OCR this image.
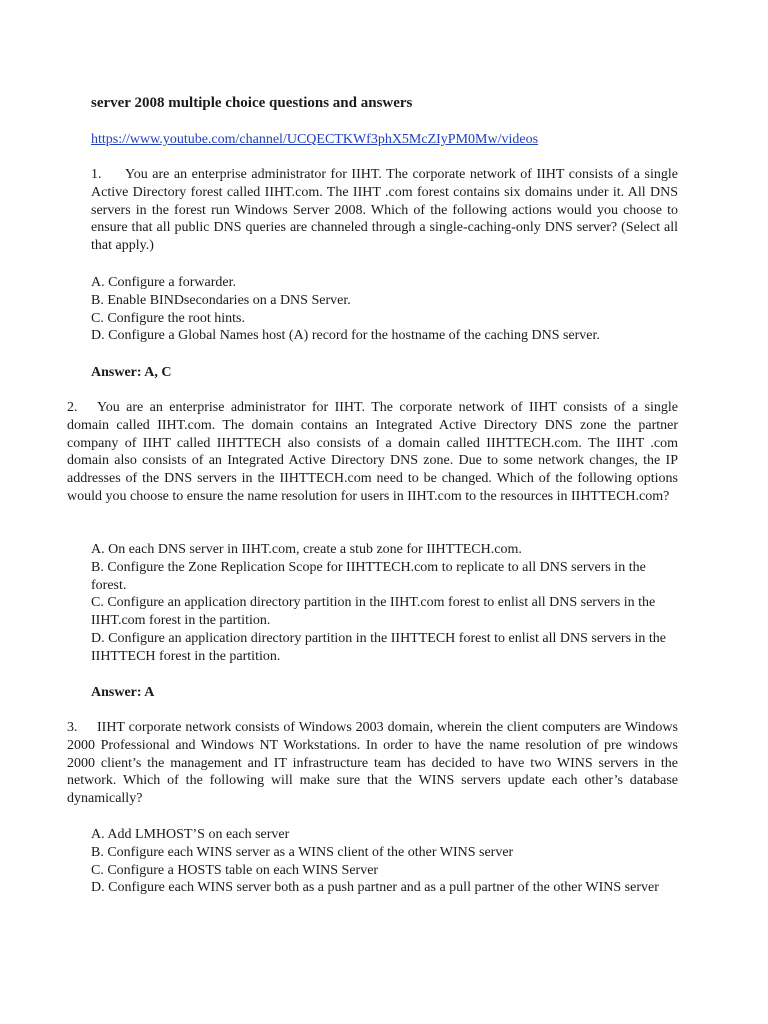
server 2008 multiple choice questions and answers
https://www.youtube.com/channel/UCQECTKWf3phX5McZIyPM0Mw/videos
1. You are an enterprise administrator for IIHT. The corporate network of IIHT consists of a single Active Directory forest called IIHT.com. The IIHT .com forest contains six domains under it. All DNS servers in the forest run Windows Server 2008. Which of the following actions would you choose to ensure that all public DNS queries are channeled through a single-caching-only DNS server? (Select all that apply.)
A. Configure a forwarder.
B. Enable BINDsecondaries on a DNS Server.
C. Configure the root hints.
D. Configure a Global Names host (A) record for the hostname of the caching DNS server.
Answer: A, C
2. You are an enterprise administrator for IIHT. The corporate network of IIHT consists of a single domain called IIHT.com. The domain contains an Integrated Active Directory DNS zone the partner company of IIHT called IIHTTECH also consists of a domain called IIHTTECH.com. The IIHT .com domain also consists of an Integrated Active Directory DNS zone. Due to some network changes, the IP addresses of the DNS servers in the IIHTTECH.com need to be changed. Which of the following options would you choose to ensure the name resolution for users in IIHT.com to the resources in IIHTTECH.com?
A. On each DNS server in IIHT.com, create a stub zone for IIHTTECH.com.
B. Configure the Zone Replication Scope for IIHTTECH.com to replicate to all DNS servers in the forest.
C. Configure an application directory partition in the IIHT.com forest to enlist all DNS servers in the IIHT.com forest in the partition.
D. Configure an application directory partition in the IIHTTECH forest to enlist all DNS servers in the IIHTTECH forest in the partition.
Answer: A
3. IIHT corporate network consists of Windows 2003 domain, wherein the client computers are Windows 2000 Professional and Windows NT Workstations. In order to have the name resolution of pre windows 2000 client’s the management and IT infrastructure team has decided to have two WINS servers in the network. Which of the following will make sure that the WINS servers update each other’s database dynamically?
A. Add LMHOST’S on each server
B. Configure each WINS server as a WINS client of the other WINS server
C. Configure a HOSTS table on each WINS Server
D. Configure each WINS server both as a push partner and as a pull partner of the other WINS server
